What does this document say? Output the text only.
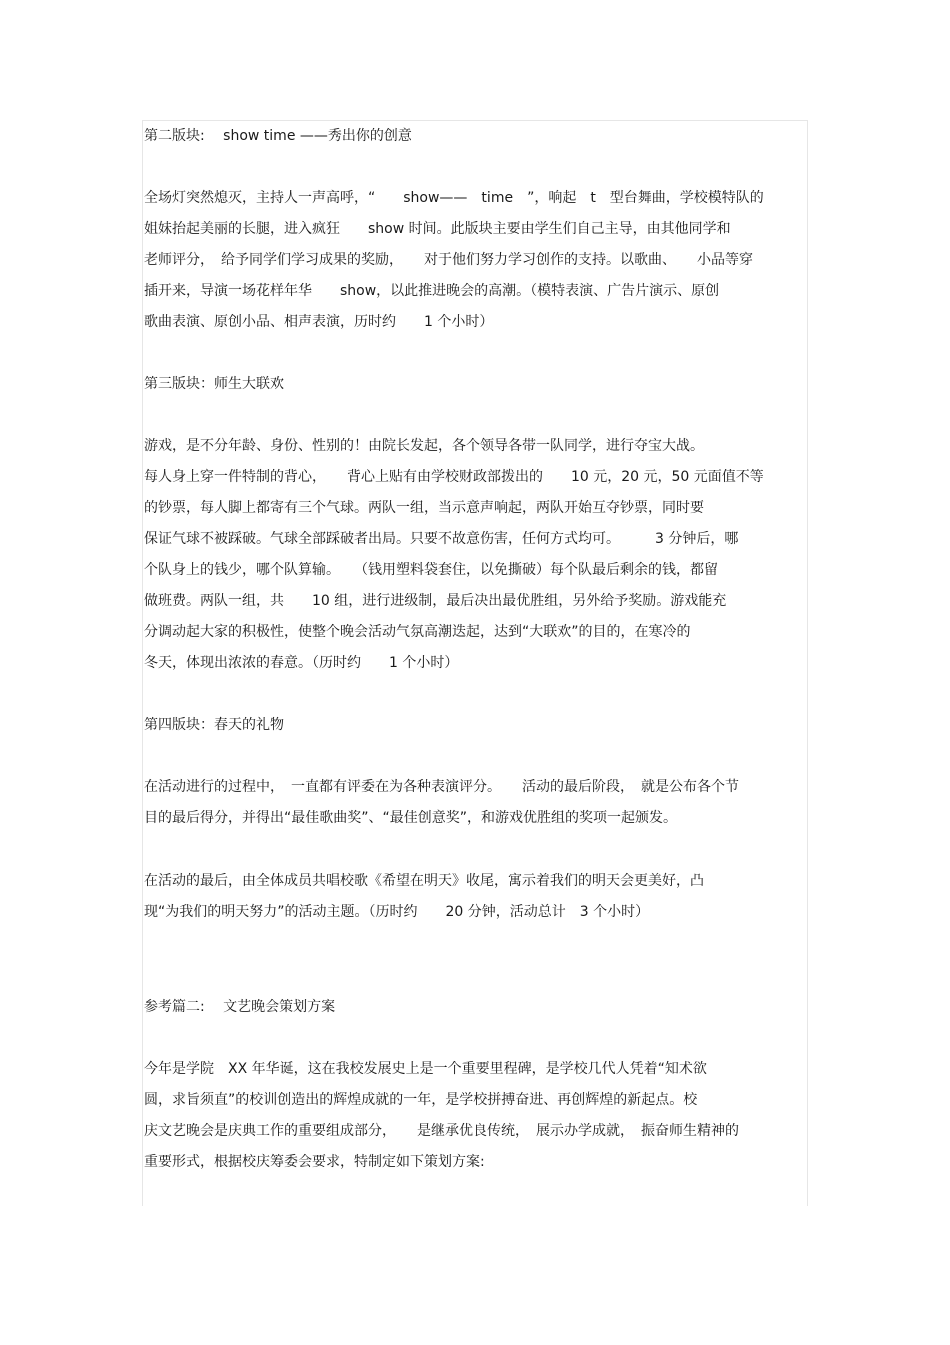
第二版块:　 show time ——秀出你的创意
全场灯突然熄灭，主持人一声高呼，“　　show——　time　”，响起　t　型台舞曲，学校模特队的
姐妹抬起美丽的长腿，进入疯狂　　show 时间。此版块主要由学生们自己主导，由其他同学和
老师评分，　给予同学们学习成果的奖励，　　对于他们努力学习创作的支持。以歌曲、　　小品等穿
插开来，导演一场花样年华　　show，以此推进晚会的高潮。（模特表演、广告片演示、原创
歌曲表演、原创小品、相声表演，历时约　　1 个小时）
第三版块：师生大联欢
游戏，是不分年龄、身份、性别的！由院长发起，各个领导各带一队同学，进行夺宝大战。
每人身上穿一件特制的背心，　　背心上贴有由学校财政部拨出的　　10 元，20 元，50 元面值不等
的钞票，每人脚上都寄有三个气球。两队一组，当示意声响起，两队开始互夺钞票，同时要
保证气球不被踩破。气球全部踩破者出局。只要不故意伤害，任何方式均可。　　　3 分钟后，哪
个队身上的钱少，哪个队算输。　　（钱用塑料袋套住，以免撕破）每个队最后剩余的钱，都留
做班费。两队一组，共　　10 组，进行进级制，最后决出最优胜组，另外给予奖励。游戏能充
分调动起大家的积极性，使整个晚会活动气氛高潮迭起，达到“大联欢”的目的，在寒冷的
冬天，体现出浓浓的春意。（历时约　　1 个小时）
第四版块：春天的礼物
在活动进行的过程中，　一直都有评委在为各种表演评分。　　活动的最后阶段，　就是公布各个节
目的最后得分，并得出“最佳歌曲奖”、“最佳创意奖”，和游戏优胜组的奖项一起颁发。
在活动的最后，由全体成员共唱校歌《希望在明天》收尾，寓示着我们的明天会更美好，凸
现“为我们的明天努力”的活动主题。（历时约　　20 分钟，活动总计　3 个小时）
参考篇二:　 文艺晚会策划方案
今年是学院　XX 年华诞，这在我校发展史上是一个重要里程碑，是学校几代人凭着“知术欲
圆，求旨须直”的校训创造出的辉煌成就的一年，是学校拼搏奋进、再创辉煌的新起点。校
庆文艺晚会是庆典工作的重要组成部分，　　是继承优良传统，　展示办学成就，　振奋师生精神的
重要形式，根据校庆筹委会要求，特制定如下策划方案:
